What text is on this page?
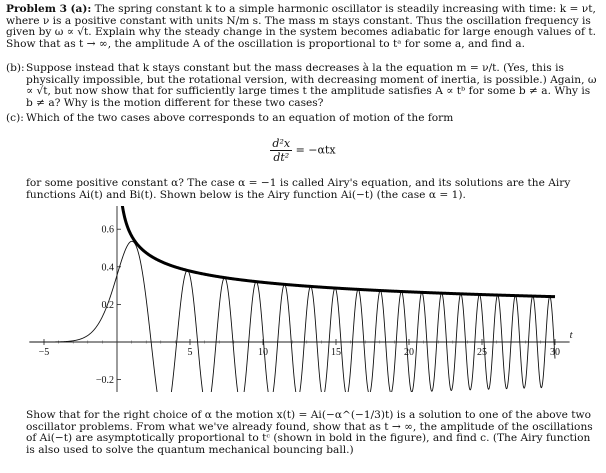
Problem 3 (a): The spring constant k to a simple harmonic oscillator is steadily increasing with time: k = νt, where ν is a positive constant with units N/m s. The mass m stays constant. Thus the oscillation frequency is given by ω ∝ √t. Explain why the steady change in the system becomes adiabatic for large enough values of t. Show that as t → ∞, the amplitude A of the oscillation is proportional to tᵃ for some a, and find a.
(b): Suppose instead that k stays constant but the mass decreases à la the equation m = ν/t. (Yes, this is physically impossible, but the rotational version, with decreasing moment of inertia, is possible.) Again, ω ∝ √t, but now show that for sufficiently large times t the amplitude satisfies A ∝ tᵇ for some b ≠ a. Why is b ≠ a? Why is the motion different for these two cases?
(c): Which of the two cases above corresponds to an equation of motion of the form
$\frac{\text{d²x}}{\text{dt²}} = -\alpha tx$
for some positive constant α? The case α = −1 is called Airy's equation, and its solutions are the Airy functions Ai(t) and Bi(t). Shown below is the Airy function Ai(−t) (the case α = 1).
−5	5	10	15	20	25	30
0.6
0.4
0.2
−0.2
t
Show that for the right choice of α the motion x(t) = Ai(−α^(−1/3)t) is a solution to one of the above two oscillator problems. From what we've already found, show that as t → ∞, the amplitude of the oscillations of Ai(−t) are asymptotically proportional to tᶜ (shown in bold in the figure), and find c. (The Airy function is also used to solve the quantum mechanical bouncing ball.)
